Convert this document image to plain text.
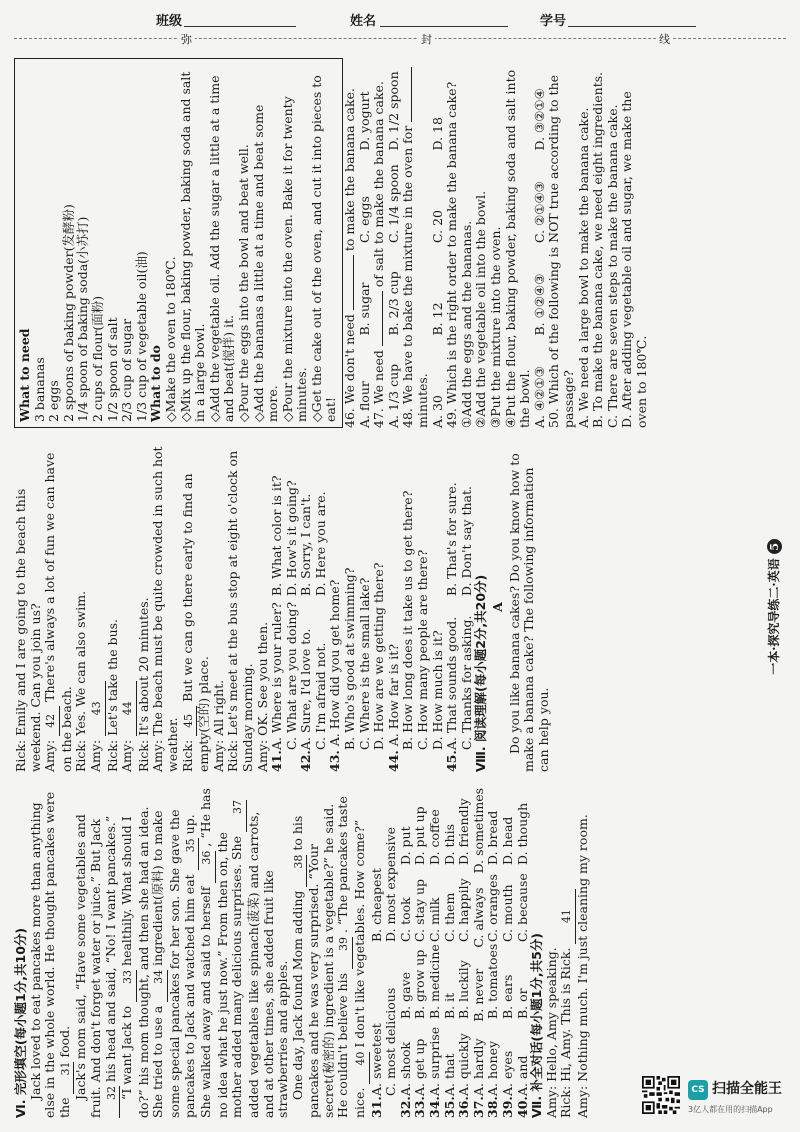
班级	姓名	学号
弥	封	线

Ⅵ. 完形填空(每小题1分,共10分) Jack loved to eat pancakes more than anything else in the whole world. He thought pancakes were the 31 food. Jack's mom said, “Have some vegetables and fruit. And don't forget water or juice.” But Jack 32 his head and said, “No! I want pancakes.” “I want Jack to 33 healthily. What should I do?” his mom thought, and then she had an idea. She tried to use a 34 ingredient(原料) to make some special pancakes for her son. She gave the pancakes to Jack and watched him eat 35 up. She walked away and said to herself 36 , “He has no idea what he just now.” From then on, the mother added many delicious surprises. She 37 added vegetables like spinach(菠菜) and carrots, and at other times, she added fruit like strawberries and apples. One day, Jack found Mom adding 38 to his pancakes and he was very surprised. “Your secret(秘密的) ingredient is a vegetable?” he said. He couldn't believe his 39 . “The pancakes taste nice. 40 I don't like vegetables. How come?”

31.
A. sweetest
B. cheapest
C. most delicious
D. most expensive
32.
A. shook
B. gave
C. took
D. put
33.
A. get up
B. grow up
C. stay up
D. put up
34.
A. surprise
B. medicine
C. milk
D. coffee
35.
A. that
B. it
C. them
D. this
36.
A. quickly
B. luckily
C. happily
D. friendly
37.
A. hardly
B. never
C. always
D. sometimes
38.
A. honey
B. tomatoes
C. oranges
D. bread
39.
A. eyes
B. ears
C. mouth
D. head
40.
A. and
B. or
C. because
D. though

Ⅶ. 补全对话(每小题1分,共5分) Amy: Hello, Amy speaking. Rick: Hi, Amy. This is Rick. 41 Amy: Nothing much. I'm just cleaning my room.

Rick: Emily and I are going to the beach this weekend. Can you join us? Amy: 42 There's always a lot of fun we can have on the beach. Rick: Yes. We can also swim. Amy: 43 Rick: Let's take the bus. Amy: 44 Rick: It's about 20 minutes. Amy: The beach must be quite crowded in such hot weather. Rick: 45 But we can go there early to find an empty(空的) place. Amy: All right. Rick: Let's meet at the bus stop at eight o'clock on Sunday morning. Amy: OK. See you then. 41.
A. Where is your ruler?
B. What color is it?
C. What are you doing?
D. How's it going?
42.
A. Sure, I'd love to.
B. Sorry, I can't.
C. I'm afraid not.
D. Here you are.

43. A. How did you get home? B. Who's good at swimming? C. Where is the small lake? D. How are we getting there?

44. A. How far is it? B. How long does it take us to get there? C. How many people are there? D. How much is it?

45.
A. That sounds good.
B. That's for sure.
C. Thanks for asking.
D. Don't say that.

Ⅷ. 阅读理解(每小题2分,共20分) A Do you like banana cakes? Do you know how to make a banana cake? The following information can help you.

一本·探究导练二·英语 5

What to need 3 bananas 2 eggs 2 spoons of baking powder(发酵粉) 1/4 spoon of baking soda(小苏打) 2 cups of flour(面粉) 1/2 spoon of salt 2/3 cup of sugar 1/3 cup of vegetable oil(油) What to do ◇Make the oven to 180℃. ◇Mix up the flour, baking powder, baking soda and salt in a large bowl. ◇Add the vegetable oil. Add the sugar a little at a time and beat(搅拌) it. ◇Pour the eggs into the bowl and beat well. ◇Add the bananas a little at a time and beat some more. ◇Pour the mixture into the oven. Bake it for twenty minutes. ◇Get the cake out of the oven, and cut it into pieces to eat! 46. We don't need  to make the banana cake.

A. flour
B. sugar
C. eggs
D. yogurt

47. We need  of salt to make the banana cake.

A. 1/3 cup
B. 2/3 cup
C. 1/4 spoon
D. 1/2 spoon

48. We have to bake the mixture in the oven for  minutes. A. 30
B. 12
C. 20
D. 18 49. Which is the right order to make the banana cake? ①Add the eggs and the bananas. ②Add the vegetable oil into the bowl. ③Put the mixture into the oven. ④Put the flour, baking powder, baking soda and salt into the bowl. A. ④②①③
B. ①②④③
C. ②①④③
D. ③②①④ 50. Which of the following is NOT true according to the passage? A. We need a large bowl to make the banana cake. B. To make the banana cake, we need eight ingredients. C. There are seven steps to make the banana cake. D. After adding vegetable oil and sugar, we make the oven to 180℃.

CS 扫描全能王
3亿人都在用的扫描App
